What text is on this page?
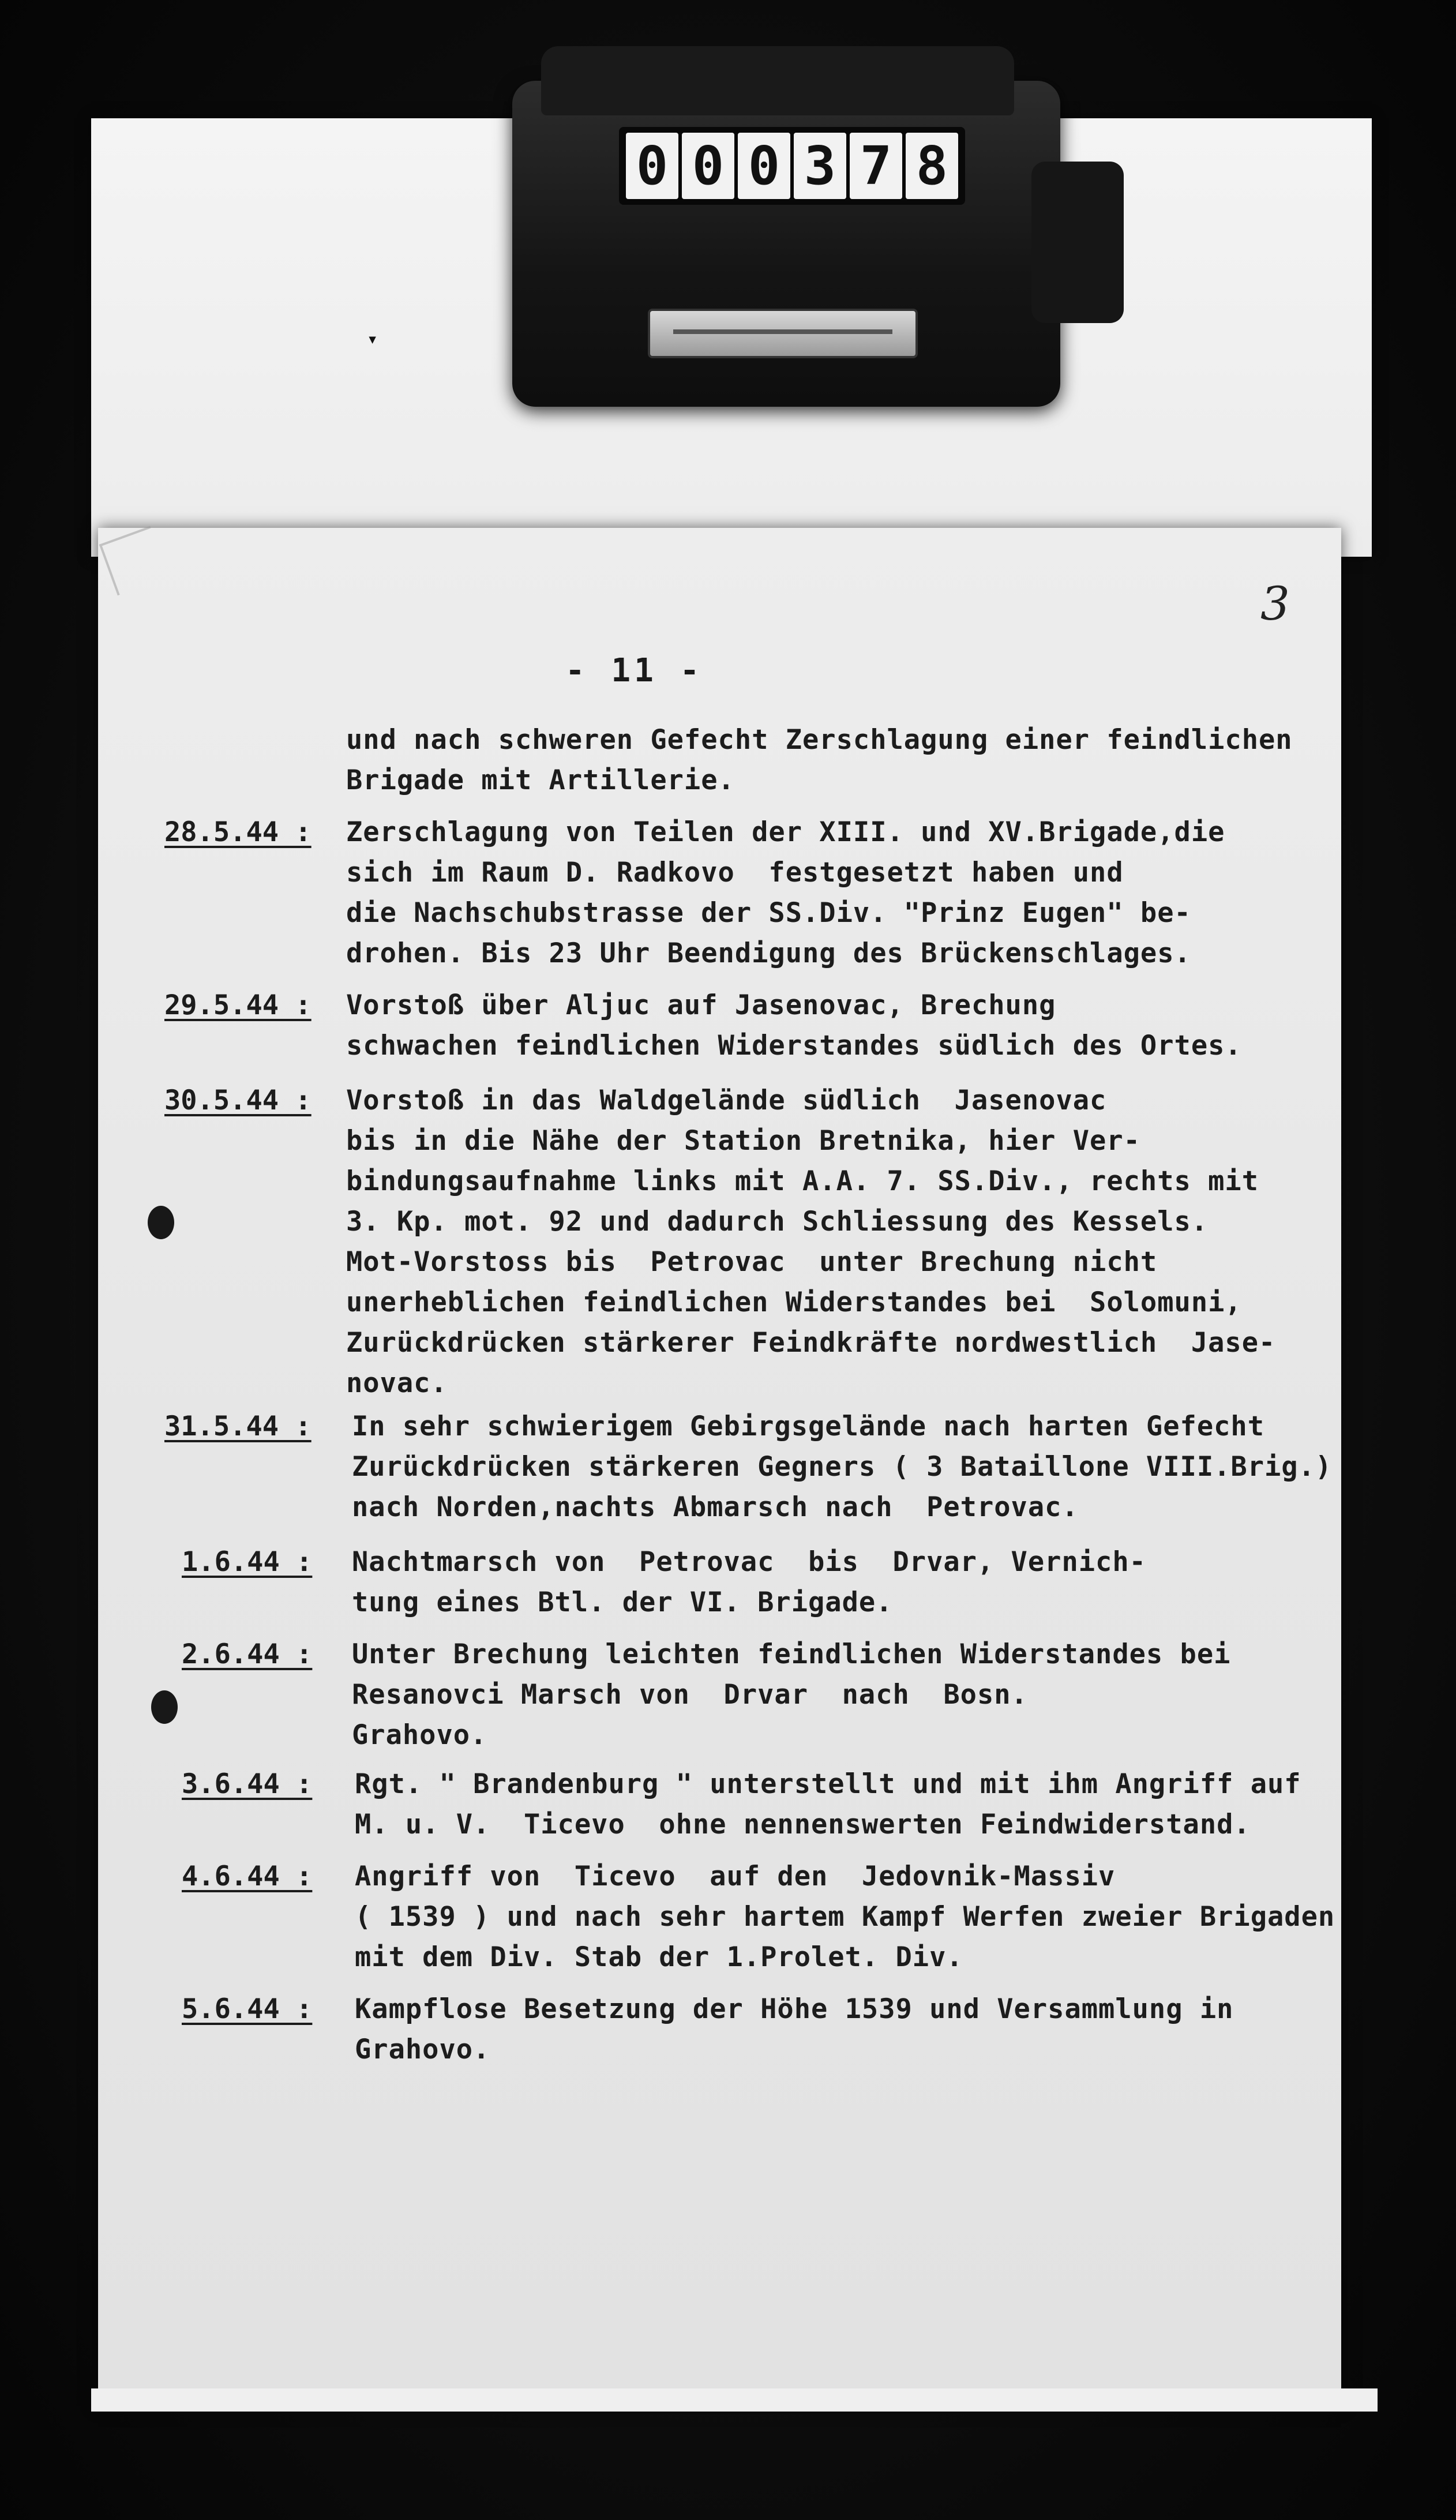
▾
0 0 0 3 7 8
3
- 11 -
und nach schweren Gefecht Zerschlagung einer feindlichen
Brigade mit Artillerie.
28.5.44 : Zerschlagung von Teilen der XIII. und XV.Brigade,die
sich im Raum D. Radkovo  festgesetzt haben und
die Nachschubstrasse der SS.Div. "Prinz Eugen" be-
drohen. Bis 23 Uhr Beendigung des Brückenschlages.
29.5.44 : Vorstoß über Aljuc auf Jasenovac, Brechung
schwachen feindlichen Widerstandes südlich des Ortes.
30.5.44 : Vorstoß in das Waldgelände südlich  Jasenovac
bis in die Nähe der Station Bretnika, hier Ver-
bindungsaufnahme links mit A.A. 7. SS.Div., rechts mit
3. Kp. mot. 92 und dadurch Schliessung des Kessels.
Mot-Vorstoss bis  Petrovac  unter Brechung nicht
unerheblichen feindlichen Widerstandes bei  Solomuni,
Zurückdrücken stärkerer Feindkräfte nordwestlich  Jase-
novac.
31.5.44 : In sehr schwierigem Gebirgsgelände nach harten Gefecht
Zurückdrücken stärkeren Gegners ( 3 Bataillone VIII.Brig.)
nach Norden,nachts Abmarsch nach  Petrovac.
1.6.44 : Nachtmarsch von  Petrovac  bis  Drvar, Vernich-
tung eines Btl. der VI. Brigade.
2.6.44 : Unter Brechung leichten feindlichen Widerstandes bei
Resanovci Marsch von  Drvar  nach  Bosn.
Grahovo.
3.6.44 : Rgt. " Brandenburg " unterstellt und mit ihm Angriff auf
M. u. V.  Ticevo  ohne nennenswerten Feindwiderstand.
4.6.44 : Angriff von  Ticevo  auf den  Jedovnik-Massiv
( 1539 ) und nach sehr hartem Kampf Werfen zweier Brigaden
mit dem Div. Stab der 1.Prolet. Div.
5.6.44 : Kampflose Besetzung der Höhe 1539 und Versammlung in
Grahovo.
